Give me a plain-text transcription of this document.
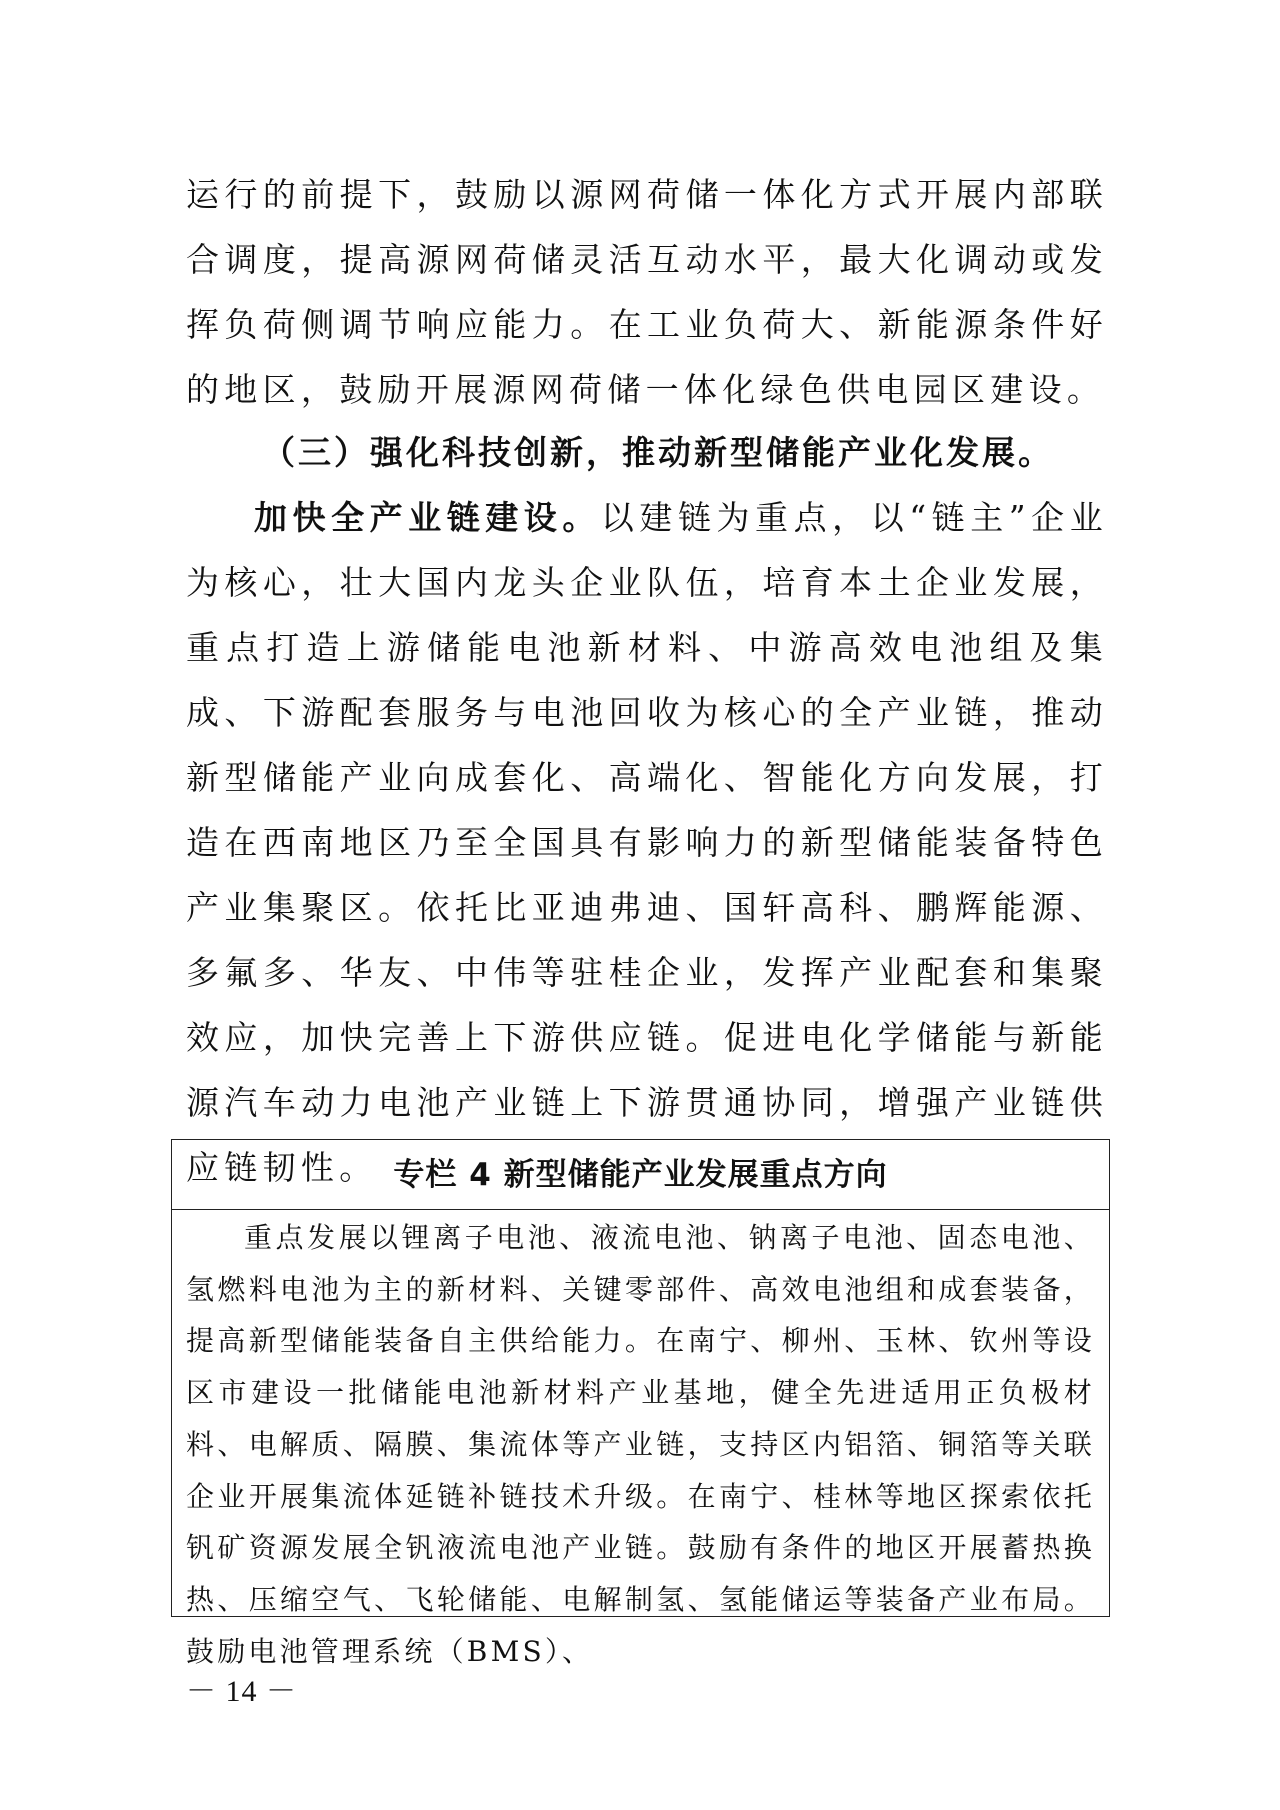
运行的前提下，鼓励以源网荷储一体化方式开展内部联合调度，提高源网荷储灵活互动水平，最大化调动或发挥负荷侧调节响应能力。在工业负荷大、新能源条件好的地区，鼓励开展源网荷储一体化绿色供电园区建设。

（三）强化科技创新，推动新型储能产业化发展。

加快全产业链建设。以建链为重点，以“链主”企业为核心，壮大国内龙头企业队伍，培育本土企业发展，重点打造上游储能电池新材料、中游高效电池组及集成、下游配套服务与电池回收为核心的全产业链，推动新型储能产业向成套化、高端化、智能化方向发展，打造在西南地区乃至全国具有影响力的新型储能装备特色产业集聚区。依托比亚迪弗迪、国轩高科、鹏辉能源、多氟多、华友、中伟等驻桂企业，发挥产业配套和集聚效应，加快完善上下游供应链。促进电化学储能与新能源汽车动力电池产业链上下游贯通协同，增强产业链供应链韧性。 专栏 4 新型储能产业发展重点方向

重点发展以锂离子电池、液流电池、钠离子电池、固态电池、氢燃料电池为主的新材料、关键零部件、高效电池组和成套装备，提高新型储能装备自主供给能力。在南宁、柳州、玉林、钦州等设区市建设一批储能电池新材料产业基地，健全先进适用正负极材料、电解质、隔膜、集流体等产业链，支持区内铝箔、铜箔等关联企业开展集流体延链补链技术升级。在南宁、桂林等地区探索依托钒矿资源发展全钒液流电池产业链。鼓励有条件的地区开展蓄热换热、压缩空气、飞轮储能、电解制氢、氢能储运等装备产业布局。鼓励电池管理系统（BMS）、

－ 14 －
